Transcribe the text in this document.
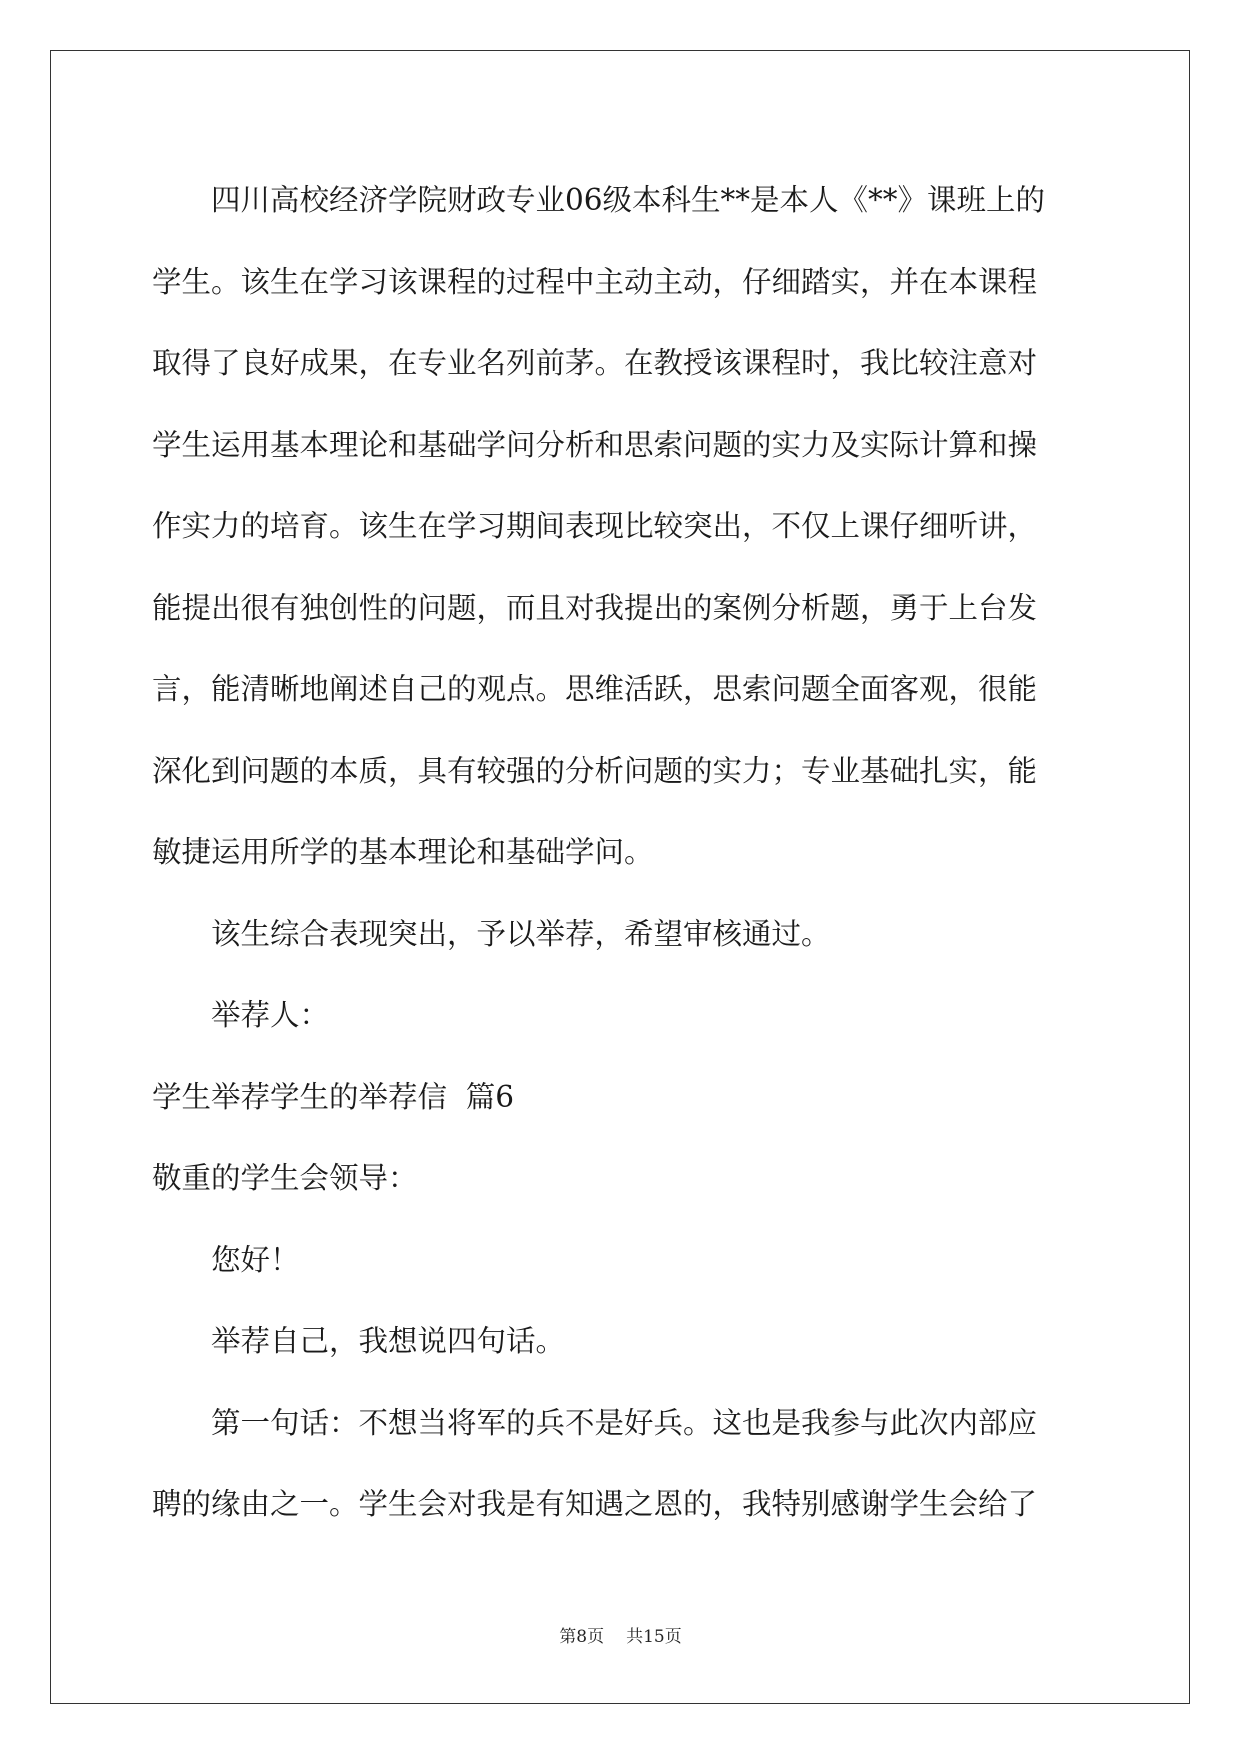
四川高校经济学院财政专业06级本科生**是本人《**》课班上的
学生。该生在学习该课程的过程中主动主动，仔细踏实，并在本课程
取得了良好成果，在专业名列前茅。在教授该课程时，我比较注意对
学生运用基本理论和基础学问分析和思索问题的实力及实际计算和操
作实力的培育。该生在学习期间表现比较突出，不仅上课仔细听讲，
能提出很有独创性的问题，而且对我提出的案例分析题，勇于上台发
言，能清晰地阐述自己的观点。思维活跃，思索问题全面客观，很能
深化到问题的本质，具有较强的分析问题的实力；专业基础扎实，能
敏捷运用所学的基本理论和基础学问。

该生综合表现突出，予以举荐，希望审核通过。

举荐人：

学生举荐学生的举荐信  篇6

敬重的学生会领导：

您好！

举荐自己，我想说四句话。

第一句话：不想当将军的兵不是好兵。这也是我参与此次内部应
聘的缘由之一。学生会对我是有知遇之恩的，我特别感谢学生会给了

第8页 共15页
